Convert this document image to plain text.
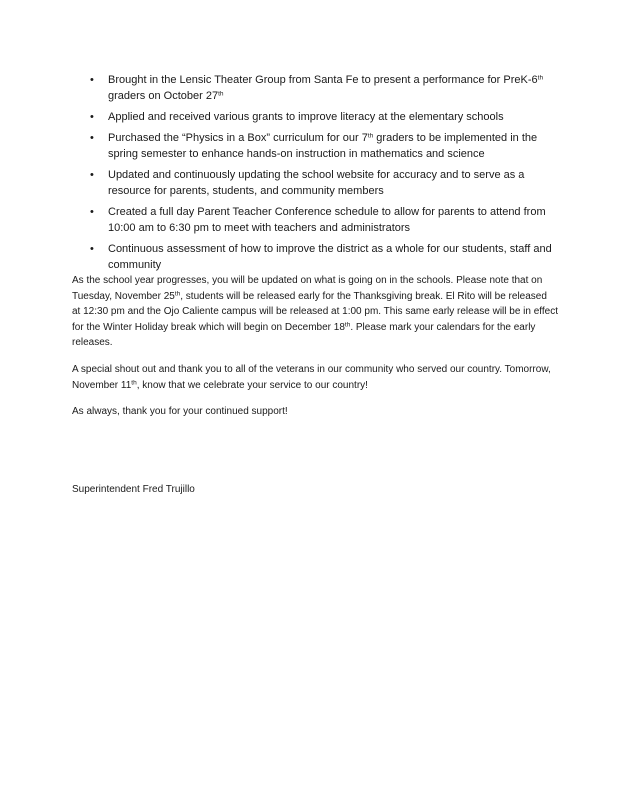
• Brought in the Lensic Theater Group from Santa Fe to present a performance for PreK-6th graders on October 27th
• Applied and received various grants to improve literacy at the elementary schools
• Purchased the “Physics in a Box” curriculum for our 7th graders to be implemented in the spring semester to enhance hands-on instruction in mathematics and science
• Updated and continuously updating the school website for accuracy and to serve as a resource for parents, students, and community members
• Created a full day Parent Teacher Conference schedule to allow for parents to attend from 10:00 am to 6:30 pm to meet with teachers and administrators
• Continuous assessment of how to improve the district as a whole for our students, staff and community

As the school year progresses, you will be updated on what is going on in the schools. Please note that on Tuesday, November 25th, students will be released early for the Thanksgiving break. El Rito will be released at 12:30 pm and the Ojo Caliente campus will be released at 1:00 pm. This same early release will be in effect for the Winter Holiday break which will begin on December 18th. Please mark your calendars for the early releases.

A special shout out and thank you to all of the veterans in our community who served our country. Tomorrow, November 11th, know that we celebrate your service to our country!

As always, thank you for your continued support!

Superintendent Fred Trujillo
